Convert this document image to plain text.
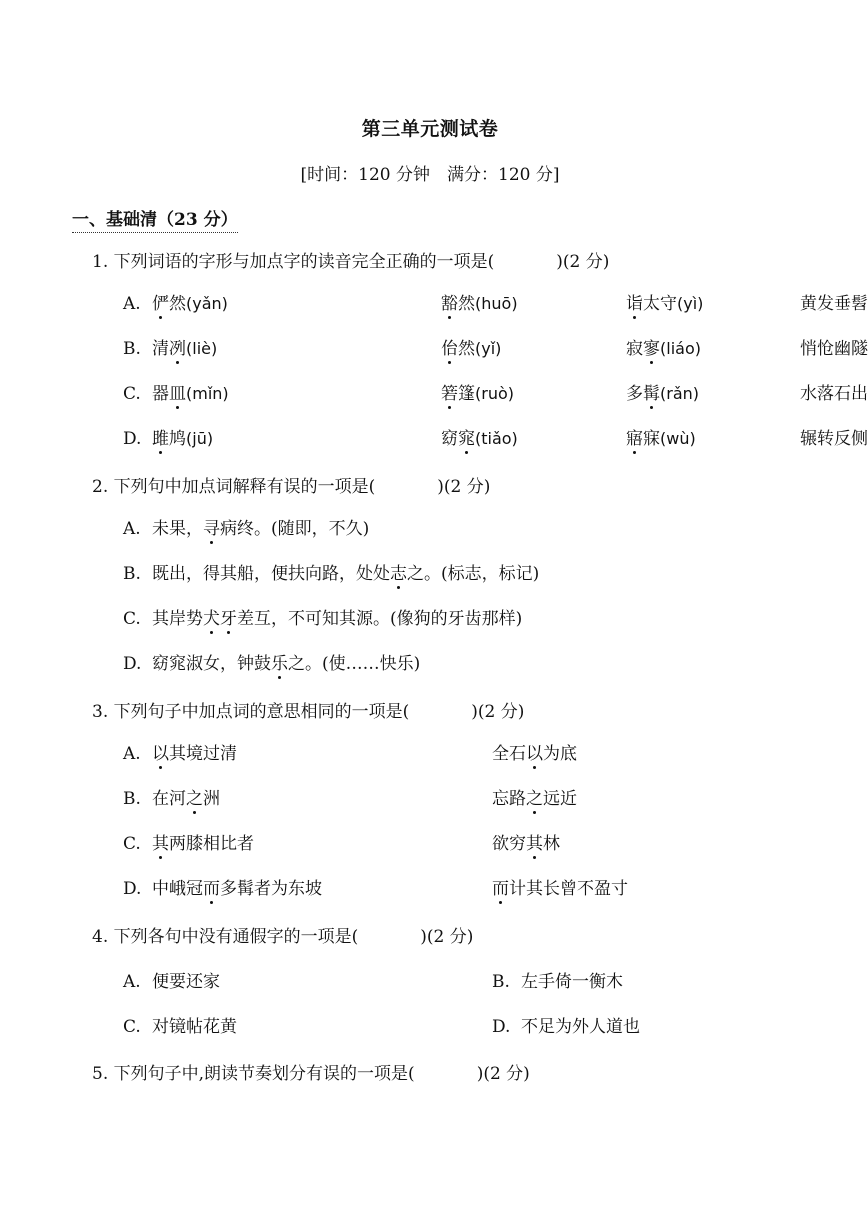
第三单元测试卷
[时间：120 分钟　满分：120 分]
一、基础清（23 分）
1. 下列词语的字形与加点字的读音完全正确的一项是(	)(2 分)
A. 俨然(yǎn)	豁然(huō)	诣太守(yì)	黄发垂髫
B. 清冽(liè)	佁然(yǐ)	寂寥(liáo)	悄怆幽隧
C. 器皿(mǐn)	箬篷(ruò)	多髯(rǎn)	水落石出
D. 雎鸠(jū)	窈窕(tiǎo)	寤寐(wù)	辗转反侧
2. 下列句中加点词解释有误的一项是(	)(2 分)
A. 未果，寻病终。(随即，不久)
B. 既出，得其船，便扶向路，处处志之。(标志，标记)
C. 其岸势犬牙差互，不可知其源。(像狗的牙齿那样)
D. 窈窕淑女，钟鼓乐之。(使……快乐)
3. 下列句子中加点词的意思相同的一项是(	)(2 分)
A. 以其境过清	全石以为底
B. 在河之洲	忘路之远近
C. 其两膝相比者	欲穷其林
D. 中峨冠而多髯者为东坡	而计其长曾不盈寸
4. 下列各句中没有通假字的一项是(	)(2 分)
A. 便要还家	B. 左手倚一衡木
C. 对镜帖花黄	D. 不足为外人道也
5. 下列句子中,朗读节奏划分有误的一项是(	)(2 分)
